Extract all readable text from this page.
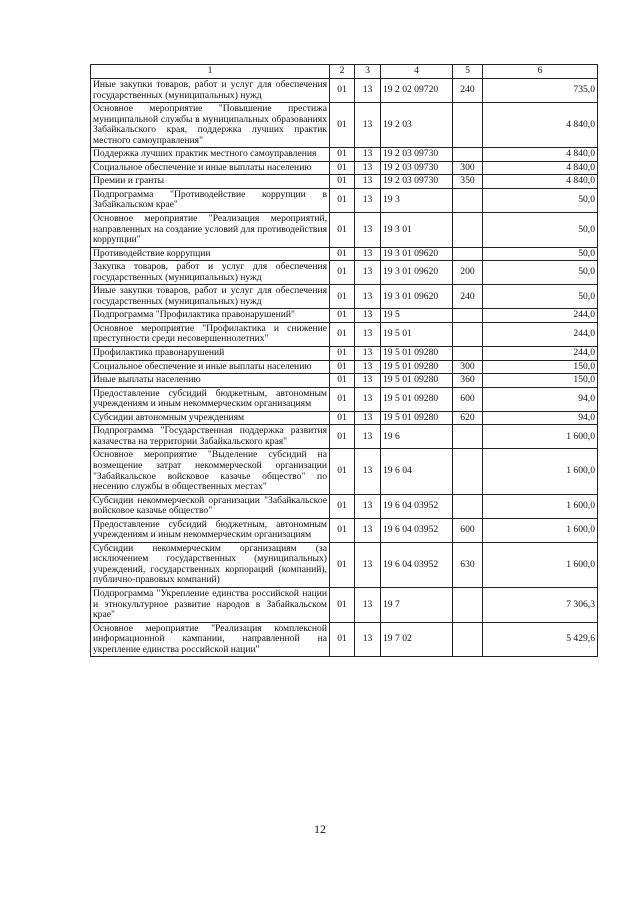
1	2	3	4	5	6
Иные закупки товаров, работ и услуг для обеспечения государственных (муниципальных) нужд	01	13	19 2 02 09720	240	735,0
Основное мероприятие "Повышение престижа муниципальной службы в муниципальных образованиях Забайкальского края, поддержка лучших практик местного самоуправления"	01	13	19 2 03		4 840,0
Поддержка лучших практик местного самоуправления	01	13	19 2 03 09730		4 840,0
Социальное обеспечение и иные выплаты населению	01	13	19 2 03 09730	300	4 840,0
Премии и гранты	01	13	19 2 03 09730	350	4 840,0
Подпрограмма "Противодействие коррупции в Забайкальском крае"	01	13	19 3		50,0
Основное мероприятие "Реализация мероприятий, направленных на создание условий для противодействия коррупции"	01	13	19 3 01		50,0
Противодействие коррупции	01	13	19 3 01 09620		50,0
Закупка товаров, работ и услуг для обеспечения государственных (муниципальных) нужд	01	13	19 3 01 09620	200	50,0
Иные закупки товаров, работ и услуг для обеспечения государственных (муниципальных) нужд	01	13	19 3 01 09620	240	50,0
Подпрограмма "Профилактика правонарушений"	01	13	19 5		244,0
Основное мероприятие "Профилактика и снижение преступности среди несовершеннолетних"	01	13	19 5 01		244,0
Профилактика правонарушений	01	13	19 5 01 09280		244,0
Социальное обеспечение и иные выплаты населению	01	13	19 5 01 09280	300	150,0
Иные выплаты населению	01	13	19 5 01 09280	360	150,0
Предоставление субсидий бюджетным, автономным учреждениям и иным некоммерческим организациям	01	13	19 5 01 09280	600	94,0
Субсидии автономным учреждениям	01	13	19 5 01 09280	620	94,0
Подпрограмма "Государственная поддержка развития казачества на территории Забайкальского края"	01	13	19 6		1 600,0
Основное мероприятие "Выделение субсидий на возмещение затрат некоммерческой организации "Забайкальское войсковое казачье общество" по несению службы в общественных местах"	01	13	19 6 04		1 600,0
Субсидии некоммерческой организации "Забайкальское войсковое казачье общество"	01	13	19 6 04 03952		1 600,0
Предоставление субсидий бюджетным, автономным учреждениям и иным некоммерческим организациям	01	13	19 6 04 03952	600	1 600,0
Субсидии некоммерческим организациям (за исключением государственных (муниципальных) учреждений, государственных корпораций (компаний), публично-правовых компаний)	01	13	19 6 04 03952	630	1 600,0
Подпрограмма "Укрепление единства российской нации и этнокультурное развитие народов в Забайкальском крае"	01	13	19 7		7 306,3
Основное мероприятие "Реализация комплексной информационной кампании, направленной на укрепление единства российской нации"	01	13	19 7 02		5 429,6
12
